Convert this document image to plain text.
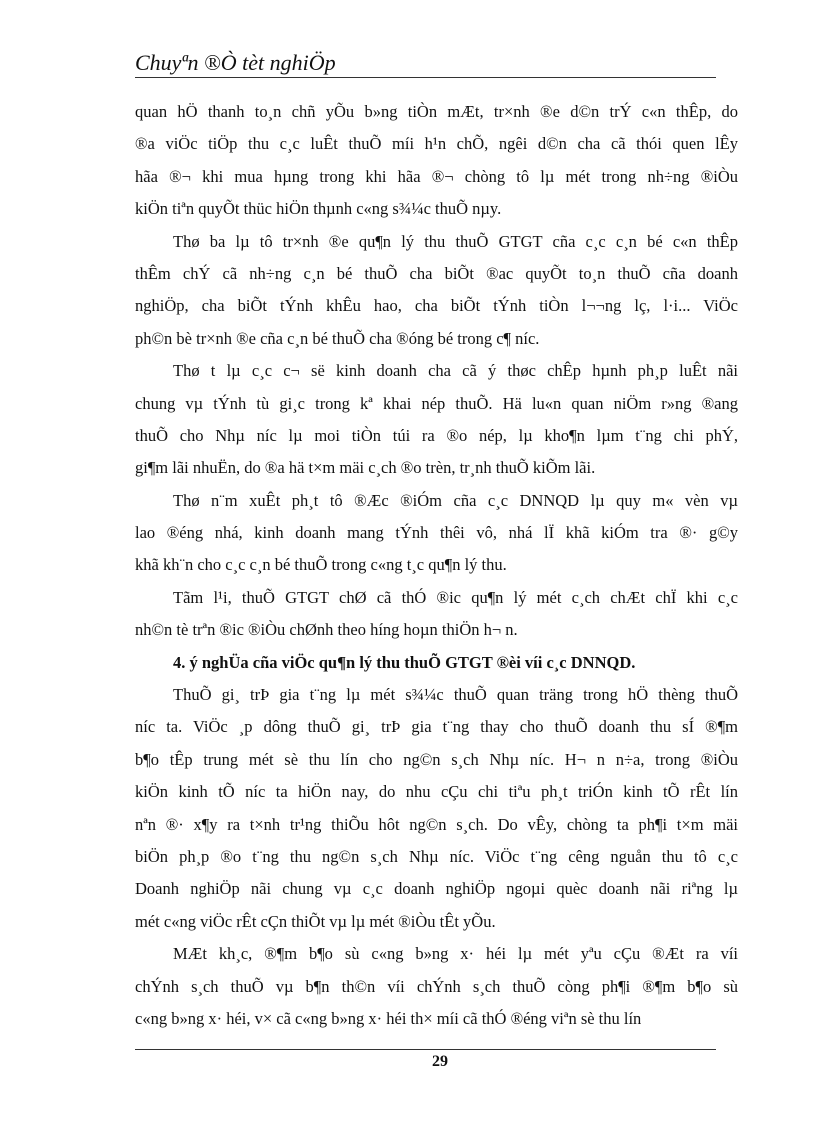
Chuyªn ®Ò tèt nghiÖp
quan hÖ thanh to¸n chñ yÕu b»ng tiÒn mÆt, tr×nh ®e d©n trÝ c«n thÊp, do
®a viÖc tiÖp thu c¸c luÊt thuÕ míi h¹n chÕ, ngêi d©n cha cã thói quen lÊy
hãa ®¬ khi mua hµng trong khi hãa ®¬ chòng tô lµ mét trong nh÷ng ®iÒu
kiÖn tiªn quyÕt thüc hiÖn thµnh c«ng s¾¼c thuÕ nµy.
Thø ba lµ tô tr×nh ®e qu¶n lý thu thuÕ GTGT cña c¸c c¸n bé c«n thÊp
thÊm chÝ cã nh÷ng c¸n bé thuÕ cha biÕt ®ac quyÕt to¸n thuÕ cña doanh
nghiÖp, cha biÕt tÝnh khÊu hao, cha biÕt tÝnh tiÒn l¬¬ng lç, l·i... ViÖc
ph©n bè tr×nh ®e cña c¸n bé thuÕ cha ®óng bé trong c¶ níc.
Thø t lµ c¸c c¬ së kinh doanh cha cã ý thøc chÊp hµnh ph¸p luÊt nãi
chung vµ tÝnh tù gi¸c trong kª khai nép thuÕ. Hä lu«n quan niÖm r»ng ®ang
thuÕ cho Nhµ níc lµ moi tiÒn túi ra ®o nép, lµ kho¶n lµm t¨ng chi phÝ,
gi¶m lãi nhuËn, do ®a hä t×m mäi c¸ch ®o trèn, tr¸nh thuÕ kiÕm lãi.
Thø n¨m xuÊt ph¸t tô ®Æc ®iÓm cña c¸c DNNQD lµ quy m« vèn vµ
lao ®éng nhá, kinh doanh mang tÝnh thêi vô, nhá lÏ khã kiÓm tra ®· g©y
khã kh¨n cho c¸c c¸n bé thuÕ trong c«ng t¸c qu¶n lý thu.
Tãm l¹i, thuÕ GTGT chØ cã thÓ ®ic qu¶n lý mét c¸ch chÆt chÏ khi c¸c
nh©n tè trªn ®ic ®iÒu chØnh theo híng hoµn thiÖn h¬ n.
4. ý nghÜa cña viÖc qu¶n lý thu thuÕ GTGT ®èi víi c¸c DNNQD.
ThuÕ gi¸ trÞ gia t¨ng lµ mét s¾¼c thuÕ quan träng trong hÖ thèng thuÕ
níc ta. ViÖc ¸p dông thuÕ gi¸ trÞ gia t¨ng thay cho thuÕ doanh thu sÍ ®¶m
b¶o tÊp trung mét sè thu lín cho ng©n s¸ch Nhµ níc. H¬ n n÷a, trong ®iÒu
kiÖn kinh tÕ níc ta hiÖn nay, do nhu cÇu chi tiªu ph¸t triÓn kinh tÕ rÊt lín
nªn ®· x¶y ra t×nh tr¹ng thiÕu hôt ng©n s¸ch. Do vÊy, chòng ta ph¶i t×m mäi
biÖn ph¸p ®o t¨ng thu ng©n s¸ch Nhµ níc. ViÖc t¨ng cêng nguån thu tô c¸c
Doanh nghiÖp nãi chung vµ c¸c doanh nghiÖp ngoµi quèc doanh nãi riªng lµ
mét c«ng viÖc rÊt cÇn thiÕt vµ lµ mét ®iÒu tÊt yÕu.
MÆt kh¸c, ®¶m b¶o sù c«ng b»ng x· héi lµ mét yªu cÇu ®Æt ra víi
chÝnh s¸ch thuÕ vµ b¶n th©n víi chÝnh s¸ch thuÕ còng ph¶i ®¶m b¶o sù
c«ng b»ng x· héi, v× cã c«ng b»ng x· héi th× míi cã thÓ ®éng viªn sè thu lín
29
